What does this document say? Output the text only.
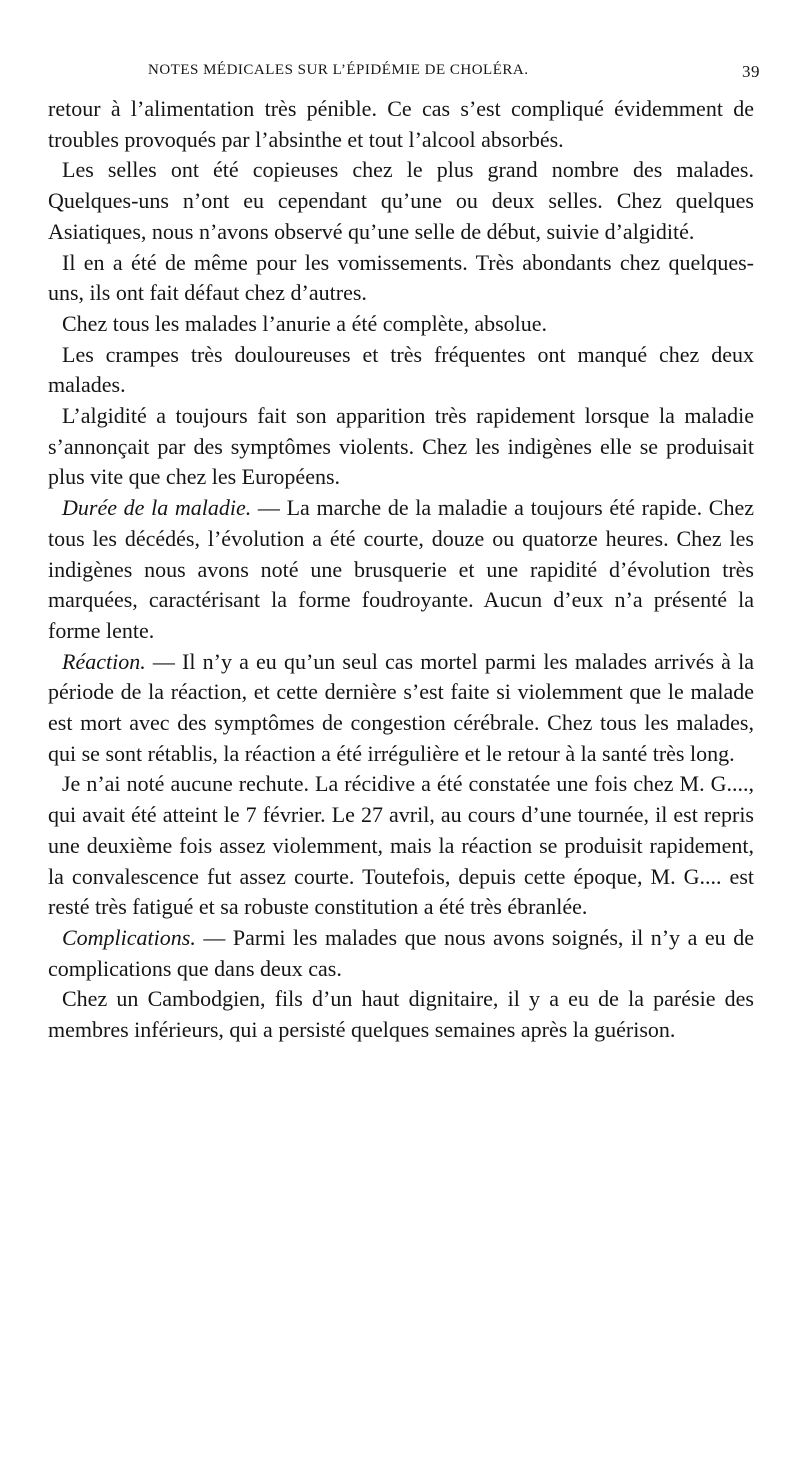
NOTES MÉDICALES SUR L’ÉPIDÉMIE DE CHOLÉRA.	39

retour à l’alimentation très pénible. Ce cas s’est compliqué évidemment de troubles provoqués par l’absinthe et tout l’alcool absorbés.

Les selles ont été copieuses chez le plus grand nombre des malades. Quelques-uns n’ont eu cependant qu’une ou deux selles. Chez quelques Asiatiques, nous n’avons observé qu’une selle de début, suivie d’algidité.

Il en a été de même pour les vomissements. Très abondants chez quelques-uns, ils ont fait défaut chez d’autres.

Chez tous les malades l’anurie a été complète, absolue.

Les crampes très douloureuses et très fréquentes ont manqué chez deux malades.

L’algidité a toujours fait son apparition très rapidement lorsque la maladie s’annonçait par des symptômes violents. Chez les indigènes elle se produisait plus vite que chez les Européens.

Durée de la maladie. — La marche de la maladie a toujours été rapide. Chez tous les décédés, l’évolution a été courte, douze ou quatorze heures. Chez les indigènes nous avons noté une brusquerie et une rapidité d’évolution très marquées, caractérisant la forme foudroyante. Aucun d’eux n’a présenté la forme lente.

Réaction. — Il n’y a eu qu’un seul cas mortel parmi les malades arrivés à la période de la réaction, et cette dernière s’est faite si violemment que le malade est mort avec des symptômes de congestion cérébrale. Chez tous les malades, qui se sont rétablis, la réaction a été irrégulière et le retour à la santé très long.

Je n’ai noté aucune rechute. La récidive a été constatée une fois chez M. G...., qui avait été atteint le 7 février. Le 27 avril, au cours d’une tournée, il est repris une deuxième fois assez violemment, mais la réaction se produisit rapidement, la convalescence fut assez courte. Toutefois, depuis cette époque, M. G.... est resté très fatigué et sa robuste constitution a été très ébranlée.

Complications. — Parmi les malades que nous avons soignés, il n’y a eu de complications que dans deux cas.

Chez un Cambodgien, fils d’un haut dignitaire, il y a eu de la parésie des membres inférieurs, qui a persisté quelques semaines après la guérison.
